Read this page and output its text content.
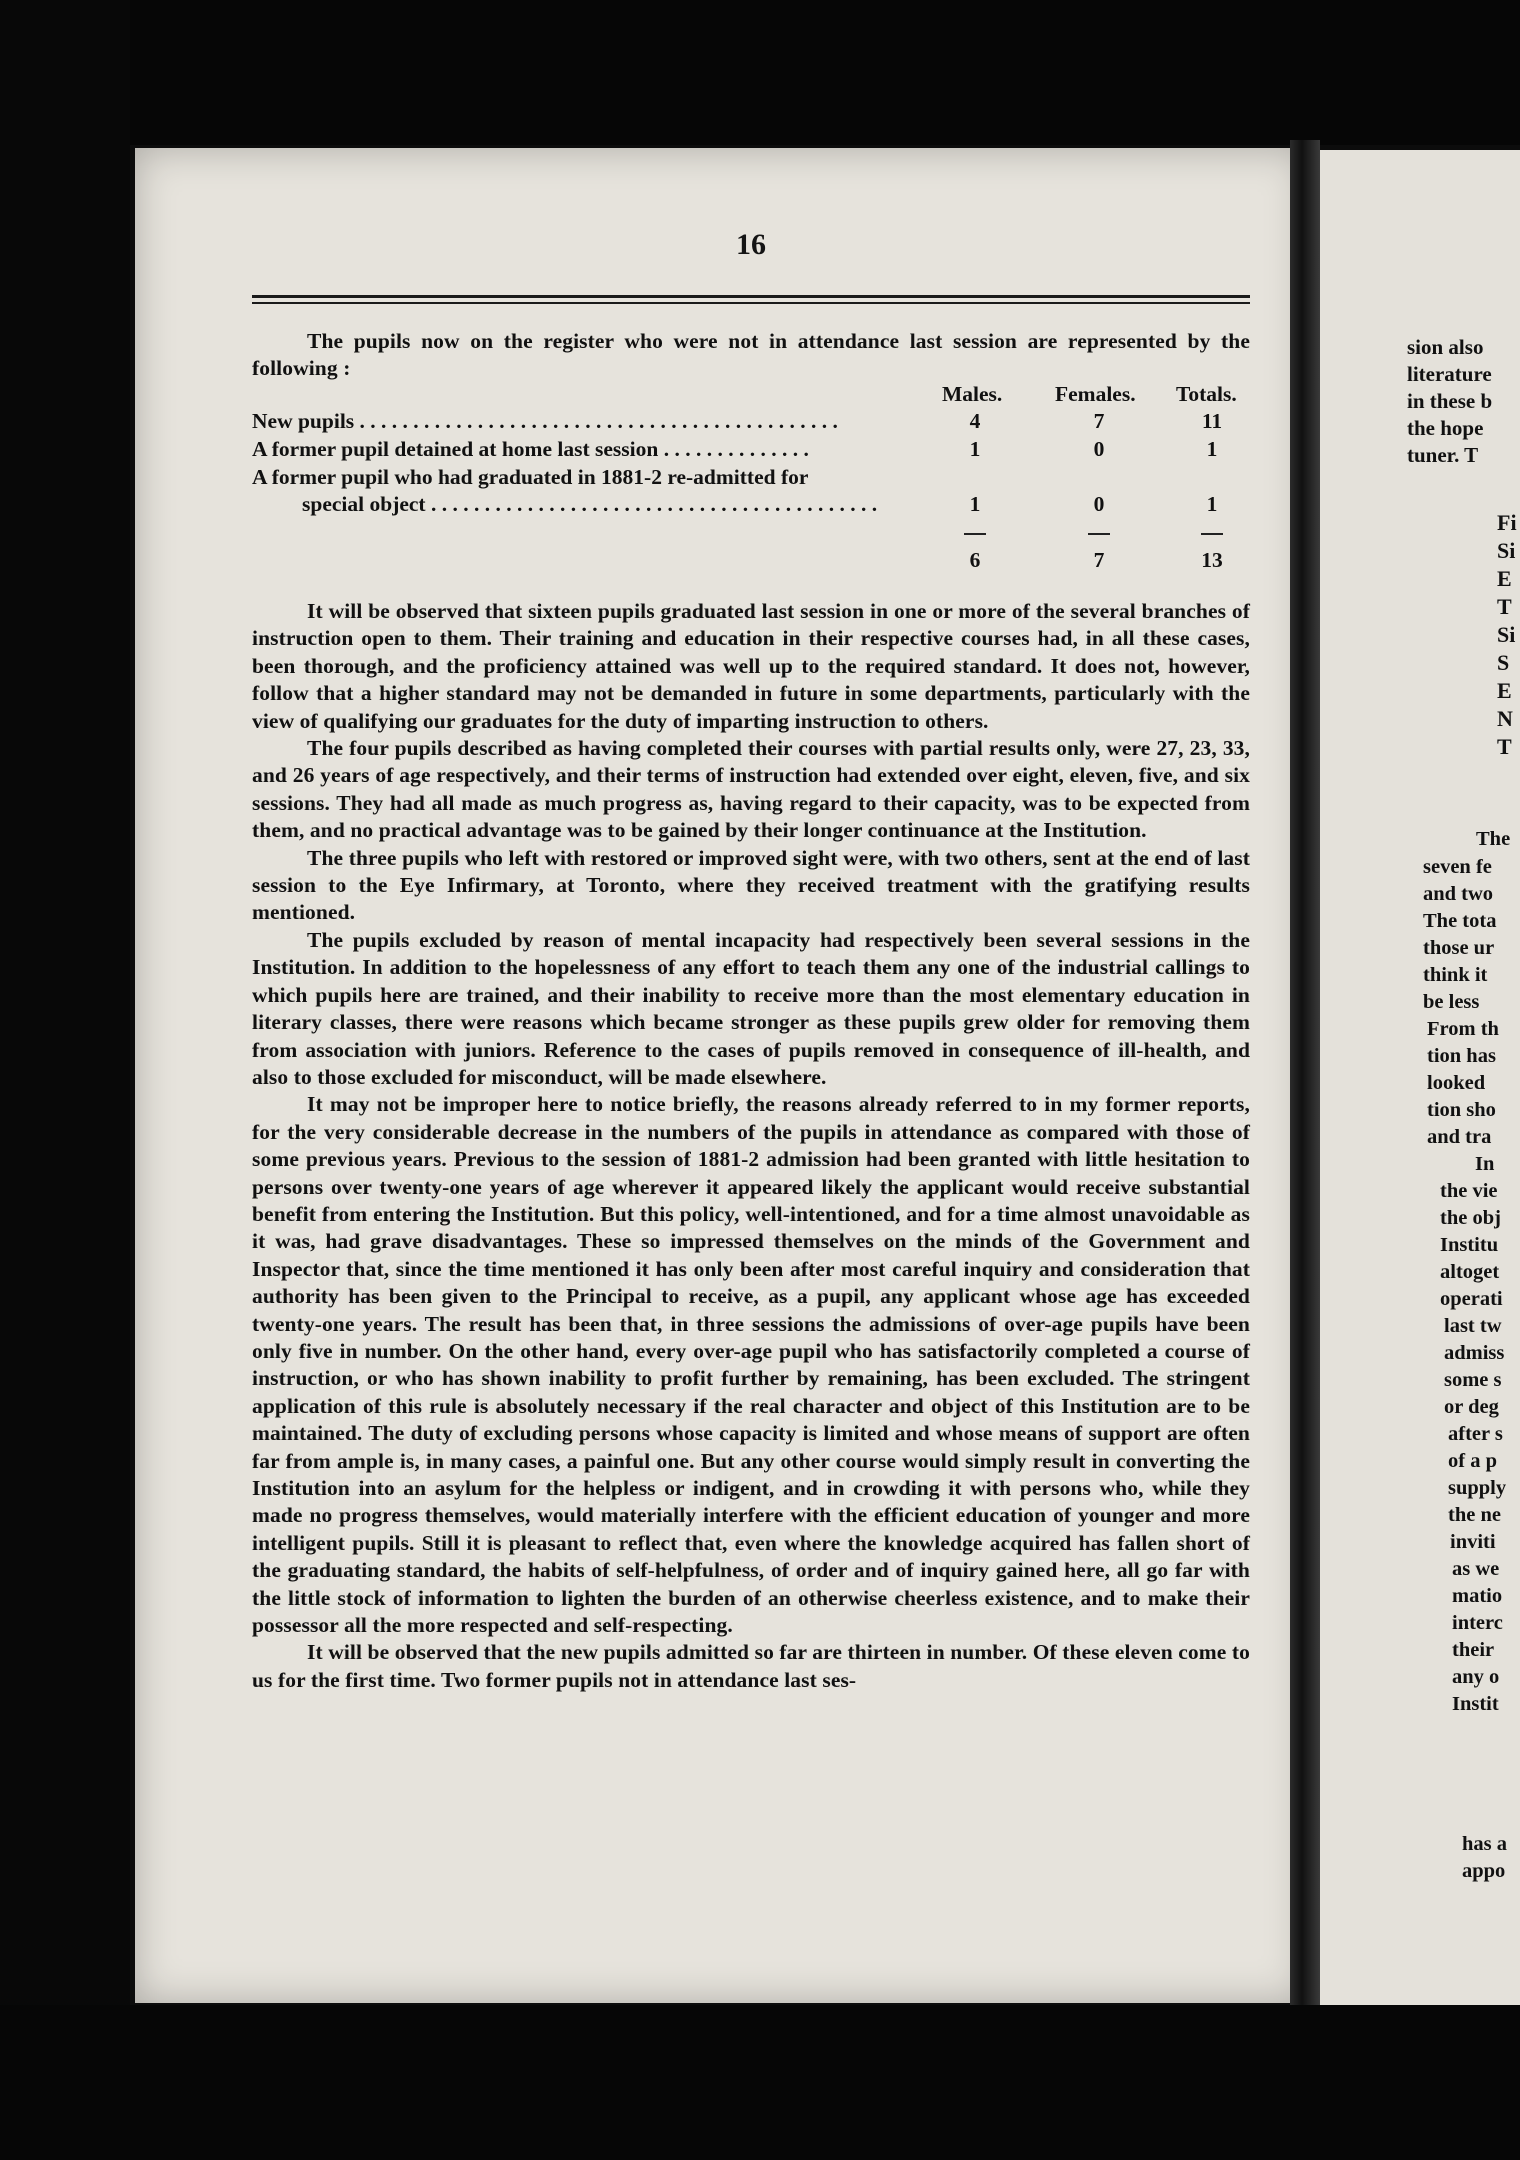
16

The pupils now on the register who were not in attendance last session are represented by the following :

Males. Females. Totals.
New pupils . . . . . . . . . . . . . . . . . . . . . . . . . . . . . . . . . . . . . . . . . . . . .	4	7	11
A former pupil detained at home last session . . . . . . . . . . . . . .	1	0	1
A former pupil who had graduated in 1881-2 re-admitted for
special object . . . . . . . . . . . . . . . . . . . . . . . . . . . . . . . . . . . . . . . . . .	1	0	1
6	7	13

It will be observed that sixteen pupils graduated last session in one or more of the several branches of instruction open to them. Their training and education in their respective courses had, in all these cases, been thorough, and the proficiency attained was well up to the required standard. It does not, however, follow that a higher standard may not be demanded in future in some departments, particularly with the view of qualifying our graduates for the duty of imparting instruction to others.

The four pupils described as having completed their courses with partial results only, were 27, 23, 33, and 26 years of age respectively, and their terms of instruction had extended over eight, eleven, five, and six sessions. They had all made as much progress as, having regard to their capacity, was to be expected from them, and no practical advantage was to be gained by their longer continuance at the Institution.

The three pupils who left with restored or improved sight were, with two others, sent at the end of last session to the Eye Infirmary, at Toronto, where they received treatment with the gratifying results mentioned.

The pupils excluded by reason of mental incapacity had respectively been several sessions in the Institution. In addition to the hopelessness of any effort to teach them any one of the industrial callings to which pupils here are trained, and their inability to receive more than the most elementary education in literary classes, there were reasons which became stronger as these pupils grew older for removing them from association with juniors. Reference to the cases of pupils removed in consequence of ill-health, and also to those excluded for misconduct, will be made elsewhere.

It may not be improper here to notice briefly, the reasons already referred to in my former reports, for the very considerable decrease in the numbers of the pupils in attendance as compared with those of some previous years. Previous to the session of 1881-2 admission had been granted with little hesitation to persons over twenty-one years of age wherever it appeared likely the applicant would receive substantial benefit from entering the Institution. But this policy, well-intentioned, and for a time almost unavoidable as it was, had grave disadvantages. These so impressed themselves on the minds of the Government and Inspector that, since the time mentioned it has only been after most careful inquiry and consideration that authority has been given to the Principal to receive, as a pupil, any applicant whose age has exceeded twenty-one years. The result has been that, in three sessions the admissions of over-age pupils have been only five in number. On the other hand, every over-age pupil who has satisfactorily completed a course of instruction, or who has shown inability to profit further by remaining, has been excluded. The stringent application of this rule is absolutely necessary if the real character and object of this Institution are to be maintained. The duty of excluding persons whose capacity is limited and whose means of support are often far from ample is, in many cases, a painful one. But any other course would simply result in converting the Institution into an asylum for the helpless or indigent, and in crowding it with persons who, while they made no progress themselves, would materially interfere with the efficient education of younger and more intelligent pupils. Still it is pleasant to reflect that, even where the knowledge acquired has fallen short of the graduating standard, the habits of self-helpfulness, of order and of inquiry gained here, all go far with the little stock of information to lighten the burden of an otherwise cheerless existence, and to make their possessor all the more respected and self-respecting.

It will be observed that the new pupils admitted so far are thirteen in number. Of these eleven come to us for the first time. Two former pupils not in attendance last ses-

sion also
literature
in these b
the hope
tuner. T
Fi
Si
E
T
Si
S
E
N
T
The
seven fe
and two
The tota
those ur
think it
be less
From th
tion has
looked
tion sho
and tra
In
the vie
the obj
Institu
altoget
operati
last tw
admiss
some s
or deg
after s
of a p
supply
the ne
inviti
as we
matio
interc
their
any o
Instit
has a
appo
